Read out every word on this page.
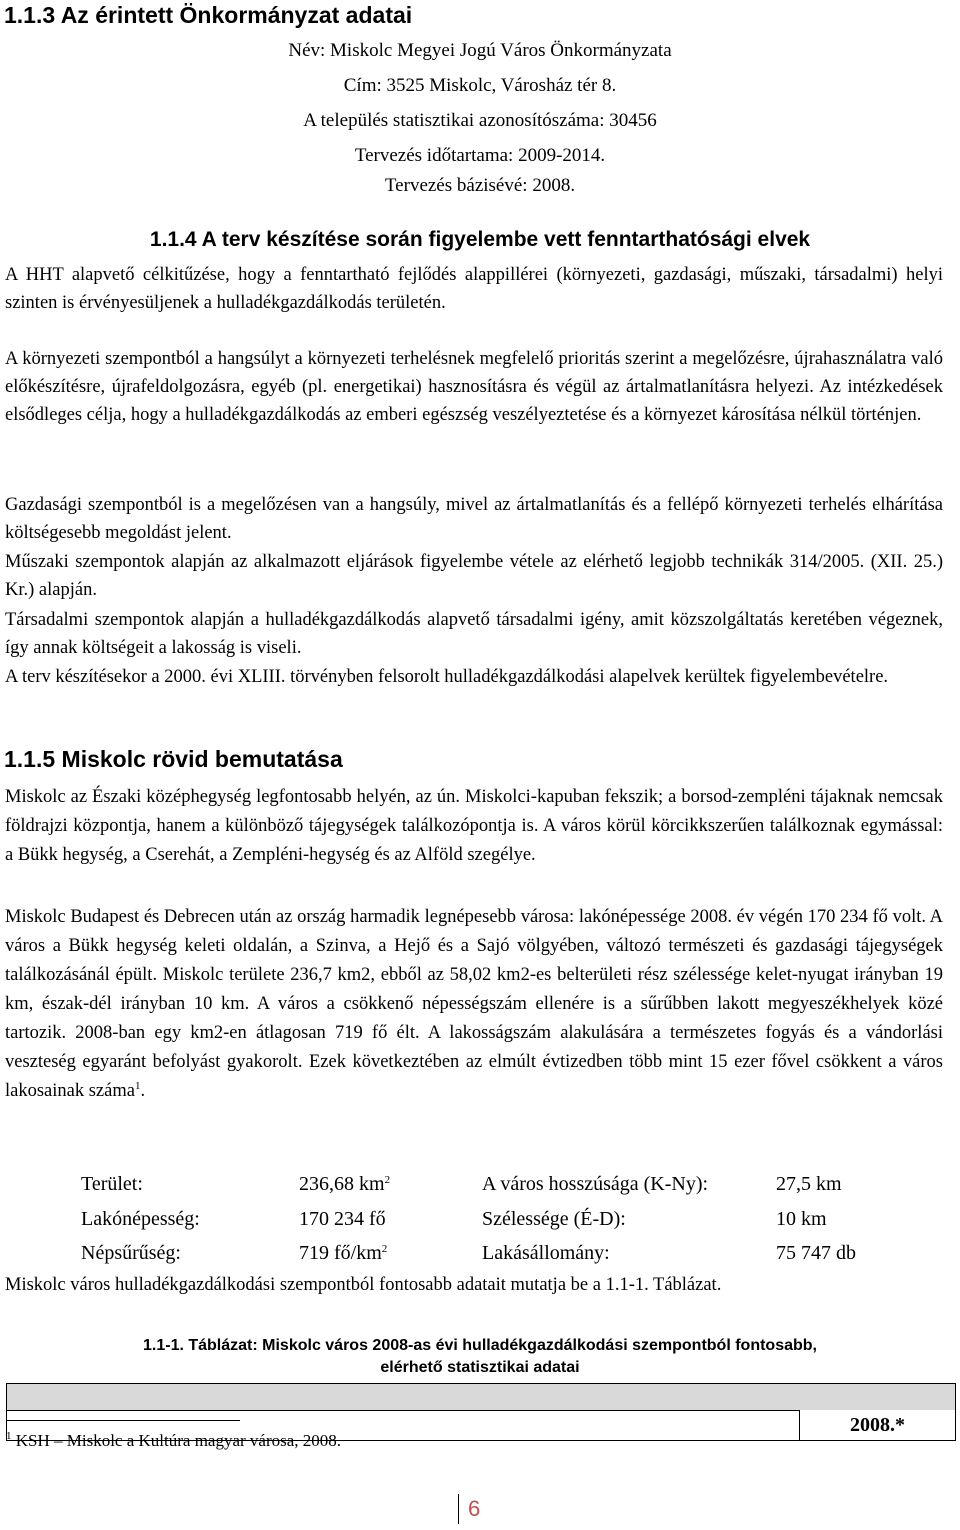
1.1.3 Az érintett Önkormányzat adatai
Név: Miskolc Megyei Jogú Város Önkormányzata
Cím: 3525 Miskolc, Városház tér 8.
A település statisztikai azonosítószáma: 30456
Tervezés időtartama: 2009-2014.
Tervezés bázisévé: 2008.
1.1.4 A terv készítése során figyelembe vett fenntarthatósági elvek

A HHT alapvető célkitűzése, hogy a fenntartható fejlődés alappillérei (környezeti, gazdasági, műszaki, társadalmi) helyi szinten is érvényesüljenek a hulladékgazdálkodás területén.

A környezeti szempontból a hangsúlyt a környezeti terhelésnek megfelelő prioritás szerint a megelőzésre, újrahasználatra való előkészítésre, újrafeldolgozásra, egyéb (pl. energetikai) hasznosításra és végül az ártalmatlanításra helyezi. Az intézkedések elsődleges célja, hogy a hulladékgazdálkodás az emberi egészség veszélyeztetése és a környezet károsítása nélkül történjen.

Gazdasági szempontból is a megelőzésen van a hangsúly, mivel az ártalmatlanítás és a fellépő környezeti terhelés elhárítása költségesebb megoldást jelent.

Műszaki szempontok alapján az alkalmazott eljárások figyelembe vétele az elérhető legjobb technikák 314/2005. (XII. 25.) Kr.) alapján.

Társadalmi szempontok alapján a hulladékgazdálkodás alapvető társadalmi igény, amit közszolgáltatás keretében végeznek, így annak költségeit a lakosság is viseli.

A terv készítésekor a 2000. évi XLIII. törvényben felsorolt hulladékgazdálkodási alapelvek kerültek figyelembevételre.

1.1.5 Miskolc rövid bemutatása

Miskolc az Északi középhegység legfontosabb helyén, az ún. Miskolci-kapuban fekszik; a borsod-zempléni tájaknak nemcsak földrajzi központja, hanem a különböző tájegységek találkozópontja is. A város körül körcikkszerűen találkoznak egymással: a Bükk hegység, a Cserehát, a Zempléni-hegység és az Alföld szegélye.

Miskolc Budapest és Debrecen után az ország harmadik legnépesebb városa: lakónépessége 2008. év végén 170 234 fő volt. A város a Bükk hegység keleti oldalán, a Szinva, a Hejő és a Sajó völgyében, változó természeti és gazdasági tájegységek találkozásánál épült. Miskolc területe 236,7 km2, ebből az 58,02 km2-es belterületi rész szélessége kelet-nyugat irányban 19 km, észak-dél irányban 10 km. A város a csökkenő népességszám ellenére is a sűrűbben lakott megyeszékhelyek közé tartozik. 2008-ban egy km2-en átlagosan 719 fő élt. A lakosságszám alakulására a természetes fogyás és a vándorlási veszteség egyaránt befolyást gyakorolt. Ezek következtében az elmúlt évtizedben több mint 15 ezer fővel csökkent a város lakosainak száma$^1$.

Terület:	236,68 $km^2$	A város hosszúsága (K-Ny):	27,5 km
Lakónépesség:	170 234 fő	Szélessége (É-D):	10 km
Népsűrűség:	719 $fő/km^2$	Lakásállomány:	75 747 db

Miskolc város hulladékgazdálkodási szempontból fontosabb adatait mutatja be a 1.1-1. Táblázat.

1.1-1. Táblázat: Miskolc város 2008-as évi hulladékgazdálkodási szempontból fontosabb,
elérhető statisztikai adatai
2008.*
$^1$ KSH – Miskolc a Kultúra magyar városa, 2008.
6
